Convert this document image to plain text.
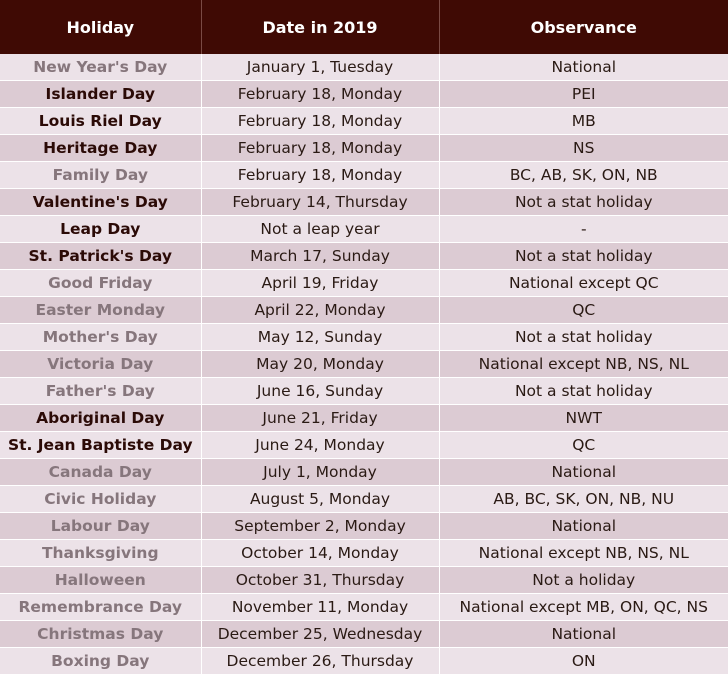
Holiday	Date in 2019	Observance
New Year's Day	January 1, Tuesday	National
Islander Day	February 18, Monday	PEI
Louis Riel Day	February 18, Monday	MB
Heritage Day	February 18, Monday	NS
Family Day	February 18, Monday	BC, AB, SK, ON, NB
Valentine's Day	February 14, Thursday	Not a stat holiday
Leap Day	Not a leap year	-
St. Patrick's Day	March 17, Sunday	Not a stat holiday
Good Friday	April 19, Friday	National except QC
Easter Monday	April 22, Monday	QC
Mother's Day	May 12, Sunday	Not a stat holiday
Victoria Day	May 20, Monday	National except NB, NS, NL
Father's Day	June 16, Sunday	Not a stat holiday
Aboriginal Day	June 21, Friday	NWT
St. Jean Baptiste Day	June 24, Monday	QC
Canada Day	July 1, Monday	National
Civic Holiday	August 5, Monday	AB, BC, SK, ON, NB, NU
Labour Day	September 2, Monday	National
Thanksgiving	October 14, Monday	National except NB, NS, NL
Halloween	October 31, Thursday	Not a holiday
Remembrance Day	November 11, Monday	National except MB, ON, QC, NS
Christmas Day	December 25, Wednesday	National
Boxing Day	December 26, Thursday	ON
